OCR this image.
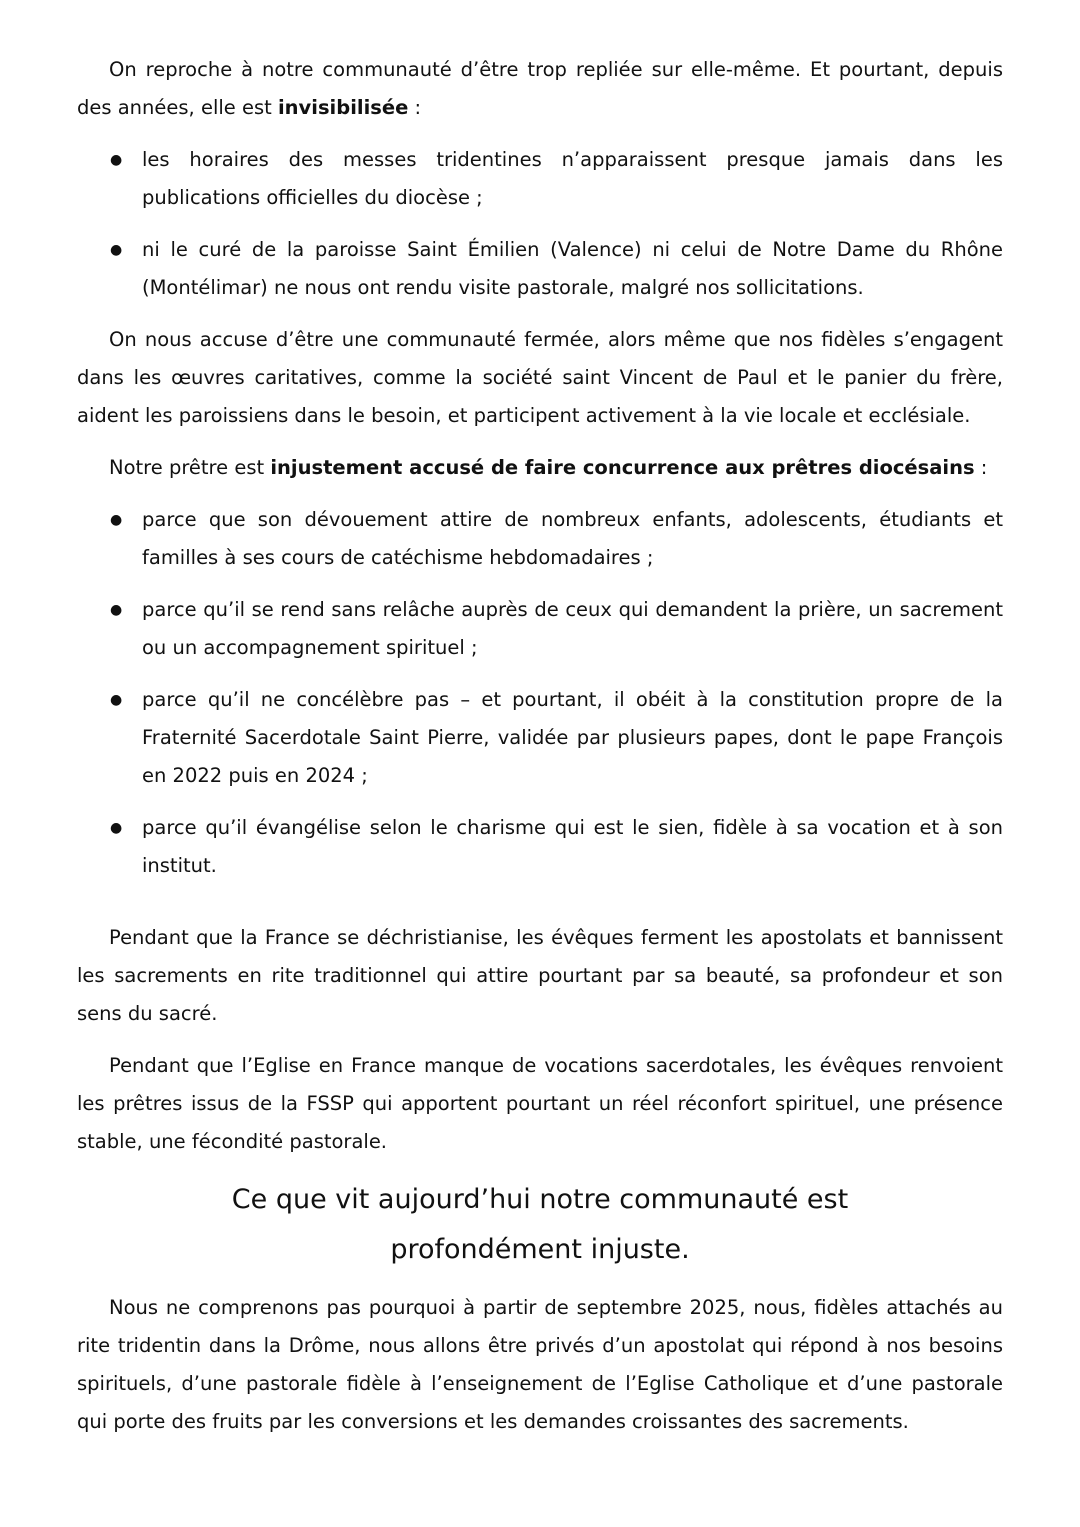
On reproche à notre communauté d’être trop repliée sur elle-même. Et pourtant, depuis des années, elle est invisibilisée :

● les horaires des messes tridentines n’apparaissent presque jamais dans les publications officielles du diocèse ;
● ni le curé de la paroisse Saint Émilien (Valence) ni celui de Notre Dame du Rhône (Montélimar) ne nous ont rendu visite pastorale, malgré nos sollicitations.

On nous accuse d’être une communauté fermée, alors même que nos fidèles s’engagent dans les œuvres caritatives, comme la société saint Vincent de Paul et le panier du frère, aident les paroissiens dans le besoin, et participent activement à la vie locale et ecclésiale.

Notre prêtre est injustement accusé de faire concurrence aux prêtres diocésains :

● parce que son dévouement attire de nombreux enfants, adolescents, étudiants et familles à ses cours de catéchisme hebdomadaires ;
● parce qu’il se rend sans relâche auprès de ceux qui demandent la prière, un sacrement ou un accompagnement spirituel ;
● parce qu’il ne concélèbre pas – et pourtant, il obéit à la constitution propre de la Fraternité Sacerdotale Saint Pierre, validée par plusieurs papes, dont le pape François en 2022 puis en 2024 ;
● parce qu’il évangélise selon le charisme qui est le sien, fidèle à sa vocation et à son institut.

Pendant que la France se déchristianise, les évêques ferment les apostolats et bannissent les sacrements en rite traditionnel qui attire pourtant par sa beauté, sa profondeur et son sens du sacré.

Pendant que l’Eglise en France manque de vocations sacerdotales, les évêques renvoient les prêtres issus de la FSSP qui apportent pourtant un réel réconfort spirituel, une présence stable, une fécondité pastorale.

Ce que vit aujourd’hui notre communauté est profondément injuste.

Nous ne comprenons pas pourquoi à partir de septembre 2025, nous, fidèles attachés au rite tridentin dans la Drôme, nous allons être privés d’un apostolat qui répond à nos besoins spirituels, d’une pastorale fidèle à l’enseignement de l’Eglise Catholique et d’une pastorale qui porte des fruits par les conversions et les demandes croissantes des sacrements.
